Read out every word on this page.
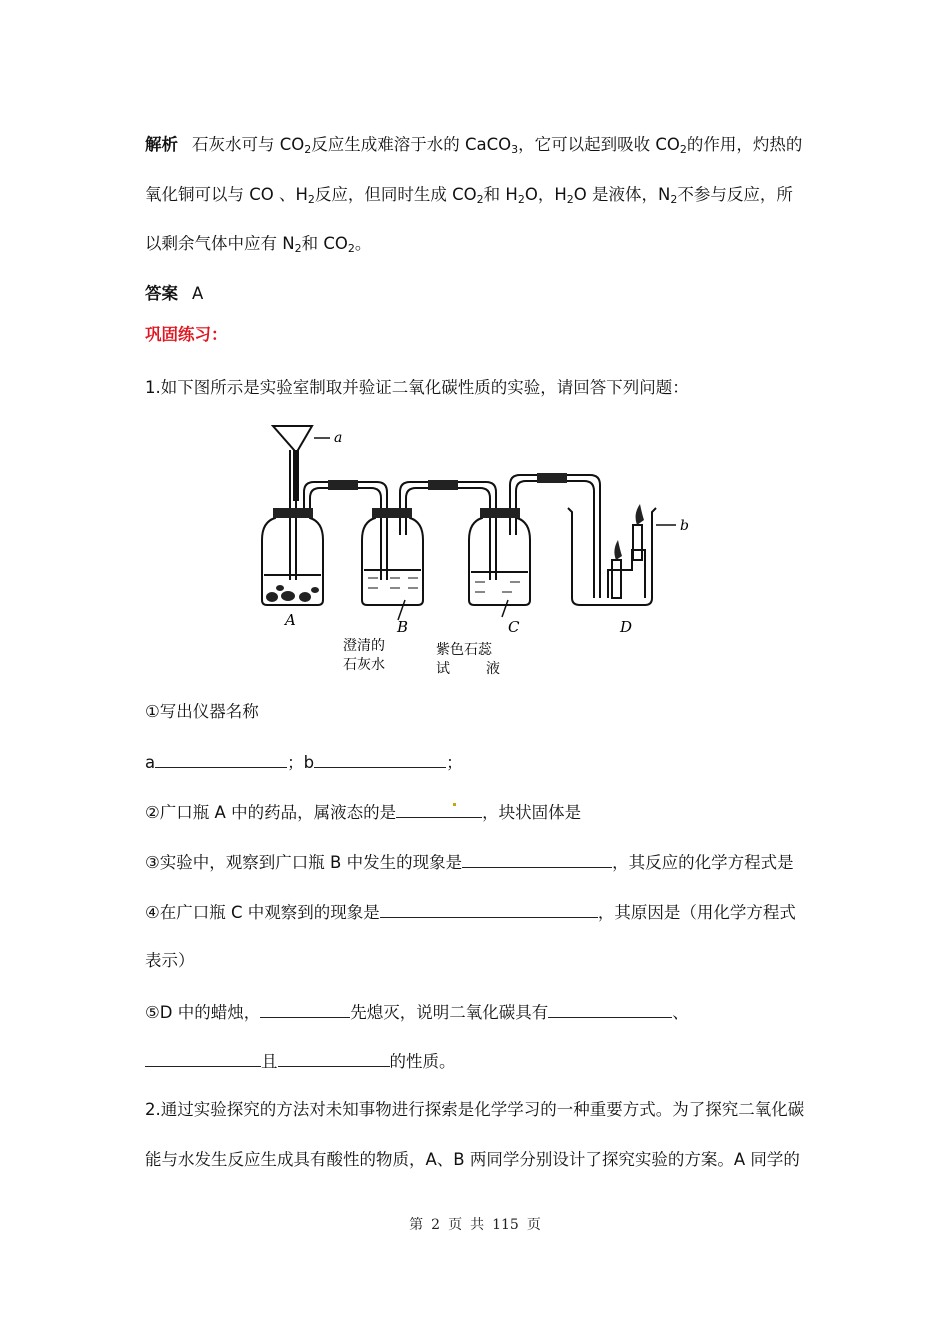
解析 石灰水可与 $CO_2$反应生成难溶于水的 CaCO$_3$，它可以起到吸收 $CO_2$的作用，灼热的
氧化铜可以与 CO 、$H_2$反应，但同时生成 $CO_2$和 $H_2O$，$H_2O$ 是液体，$N_2$不参与反应，所
以剩余气体中应有 $N_2$和 $CO_2$。
答案 A
巩固练习：
1.如下图所示是实验室制取并验证二氧化碳性质的实验，请回答下列问题：
a
b
A	B	C	D
澄清的
石灰水
紫色石蕊
试	液
①写出仪器名称
a	；b	；
②广口瓶 A 中的药品，属液态的是	，块状固体是
③实验中，观察到广口瓶 B 中发生的现象是	，其反应的化学方程式是
④在广口瓶 C 中观察到的现象是	，其原因是（用化学方程式
表示）
⑤D 中的蜡烛，	先熄灭，说明二氧化碳具有	、
且	的性质。
2.通过实验探究的方法对未知事物进行探索是化学学习的一种重要方式。为了探究二氧化碳
能与水发生反应生成具有酸性的物质，A、B 两同学分别设计了探究实验的方案。A 同学的
第 2 页 共 115 页
